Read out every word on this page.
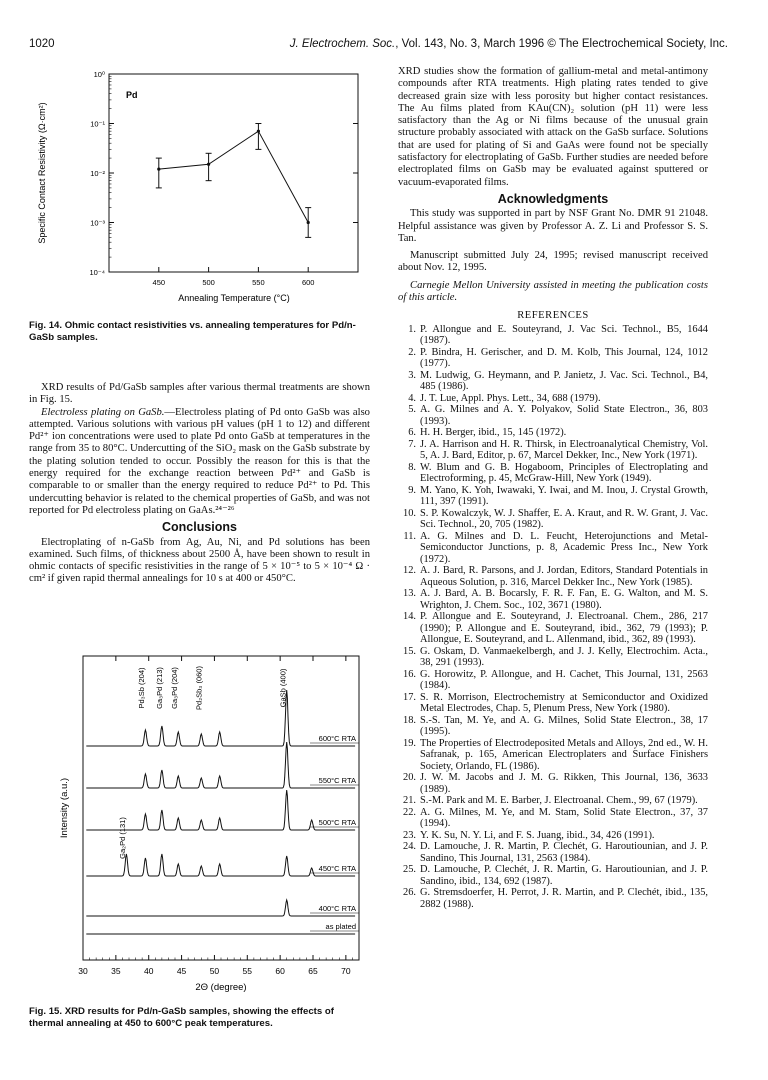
1020	J. Electrochem. Soc., Vol. 143, No. 3, March 1996 © The Electrochemical Society, Inc.
Pd
Annealing Temperature (°C)
Specific Contact Resistivity (Ω·cm²)
10⁰
10⁻¹
10⁻²
10⁻³
10⁻⁴
450	500	550	600
Fig. 14. Ohmic contact resistivities vs. annealing temperatures for Pd/n-GaSb samples.

XRD results of Pd/GaSb samples after various thermal treatments are shown in Fig. 15.

Electroless plating on GaSb.—Electroless plating of Pd onto GaSb was also attempted. Various solutions with various pH values (pH 1 to 12) and different Pd²⁺ ion concentrations were used to plate Pd onto GaSb at temperatures in the range from 35 to 80°C. Undercutting of the SiO₂ mask on the GaSb substrate by the plating solution tended to occur. Possibly the reason for this is that the energy required for the exchange reaction between Pd²⁺ and GaSb is comparable to or smaller than the energy required to reduce Pd²⁺ to Pd. This undercutting behavior is related to the chemical properties of GaSb, and was not reported for Pd electroless plating on GaAs.²⁴⁻²⁶

Conclusions

Electroplating of n-GaSb from Ag, Au, Ni, and Pd solutions has been examined. Such films, of thickness about 2500 Å, have been shown to result in ohmic contacts of specific resistivities in the range of 5 × 10⁻⁵ to 5 × 10⁻⁴ Ω · cm² if given rapid thermal annealings for 10 s at 400 or 450°C.

Intensity (a.u.)
2Θ (degree)
30	35	40	45	50	55	60	65	70
600°C RTA
550°C RTA
500°C RTA
450°C RTA
400°C RTA
as plated
Pd₃Sb (204) Ga₃Pd (213) Ga₃Pd (204) Pd₂Sb₃ (060)	GaSb (400)
Ga₂Pd (131)
Fig. 15. XRD results for Pd/n-GaSb samples, showing the effects of thermal annealing at 450 to 600°C peak temperatures.

XRD studies show the formation of gallium-metal and metal-antimony compounds after RTA treatments. High plating rates tended to give decreased grain size with less porosity but higher contact resistances. The Au films plated from KAu(CN)₂ solution (pH 11) were less satisfactory than the Ag or Ni films because of the unusual grain structure probably associated with attack on the GaSb surface. Solutions that are used for plating of Si and GaAs were found not be specially satisfactory for electroplating of GaSb. Further studies are needed before electroplated films on GaSb may be evaluated against sputtered or vacuum-evaporated films.

Acknowledgments

This study was supported in part by NSF Grant No. DMR 91 21048. Helpful assistance was given by Professor A. Z. Li and Professor S. S. Tan.

Manuscript submitted July 24, 1995; revised manuscript received about Nov. 12, 1995.

Carnegie Mellon University assisted in meeting the publication costs of this article.

REFERENCES
1. P. Allongue and E. Souteyrand, J. Vac Sci. Technol., B5, 1644 (1987).
2. P. Bindra, H. Gerischer, and D. M. Kolb, This Journal, 124, 1012 (1977).
3. M. Ludwig, G. Heymann, and P. Janietz, J. Vac. Sci. Technol., B4, 485 (1986).
4. J. T. Lue, Appl. Phys. Lett., 34, 688 (1979).
5. A. G. Milnes and A. Y. Polyakov, Solid State Electron., 36, 803 (1993).
6. H. H. Berger, ibid., 15, 145 (1972).
7. J. A. Harrison and H. R. Thirsk, in Electroanalytical Chemistry, Vol. 5, A. J. Bard, Editor, p. 67, Marcel Dekker, Inc., New York (1971).
8. W. Blum and G. B. Hogaboom, Principles of Electroplating and Electroforming, p. 45, McGraw-Hill, New York (1949).
9. M. Yano, K. Yoh, Iwawaki, Y. Iwai, and M. Inou, J. Crystal Growth, 111, 397 (1991).
10. S. P. Kowalczyk, W. J. Shaffer, E. A. Kraut, and R. W. Grant, J. Vac. Sci. Technol., 20, 705 (1982).
11. A. G. Milnes and D. L. Feucht, Heterojunctions and Metal-Semiconductor Junctions, p. 8, Academic Press Inc., New York (1972).
12. A. J. Bard, R. Parsons, and J. Jordan, Editors, Standard Potentials in Aqueous Solution, p. 316, Marcel Dekker Inc., New York (1985).
13. A. J. Bard, A. B. Bocarsly, F. R. F. Fan, E. G. Walton, and M. S. Wrighton, J. Chem. Soc., 102, 3671 (1980).
14. P. Allongue and E. Souteyrand, J. Electroanal. Chem., 286, 217 (1990); P. Allongue and E. Souteyrand, ibid., 362, 79 (1993); P. Allongue, E. Souteyrand, and L. Allenmand, ibid., 362, 89 (1993).
15. G. Oskam, D. Vanmaekelbergh, and J. J. Kelly, Electrochim. Acta., 38, 291 (1993).
16. G. Horowitz, P. Allongue, and H. Cachet, This Journal, 131, 2563 (1984).
17. S. R. Morrison, Electrochemistry at Semiconductor and Oxidized Metal Electrodes, Chap. 5, Plenum Press, New York (1980).
18. S.-S. Tan, M. Ye, and A. G. Milnes, Solid State Electron., 38, 17 (1995).
19. The Properties of Electrodeposited Metals and Alloys, 2nd ed., W. H. Safranak, p. 165, American Electroplaters and Surface Finishers Society, Orlando, FL (1986).
20. J. W. M. Jacobs and J. M. G. Rikken, This Journal, 136, 3633 (1989).
21. S.-M. Park and M. E. Barber, J. Electroanal. Chem., 99, 67 (1979).
22. A. G. Milnes, M. Ye, and M. Stam, Solid State Electron., 37, 37 (1994).
23. Y. K. Su, N. Y. Li, and F. S. Juang, ibid., 34, 426 (1991).
24. D. Lamouche, J. R. Martin, P. Clechét, G. Haroutiounian, and J. P. Sandino, This Journal, 131, 2563 (1984).
25. D. Lamouche, P. Clechét, J. R. Martin, G. Haroutiounian, and J. P. Sandino, ibid., 134, 692 (1987).
26. G. Stremsdoerfer, H. Perrot, J. R. Martin, and P. Clechét, ibid., 135, 2882 (1988).
